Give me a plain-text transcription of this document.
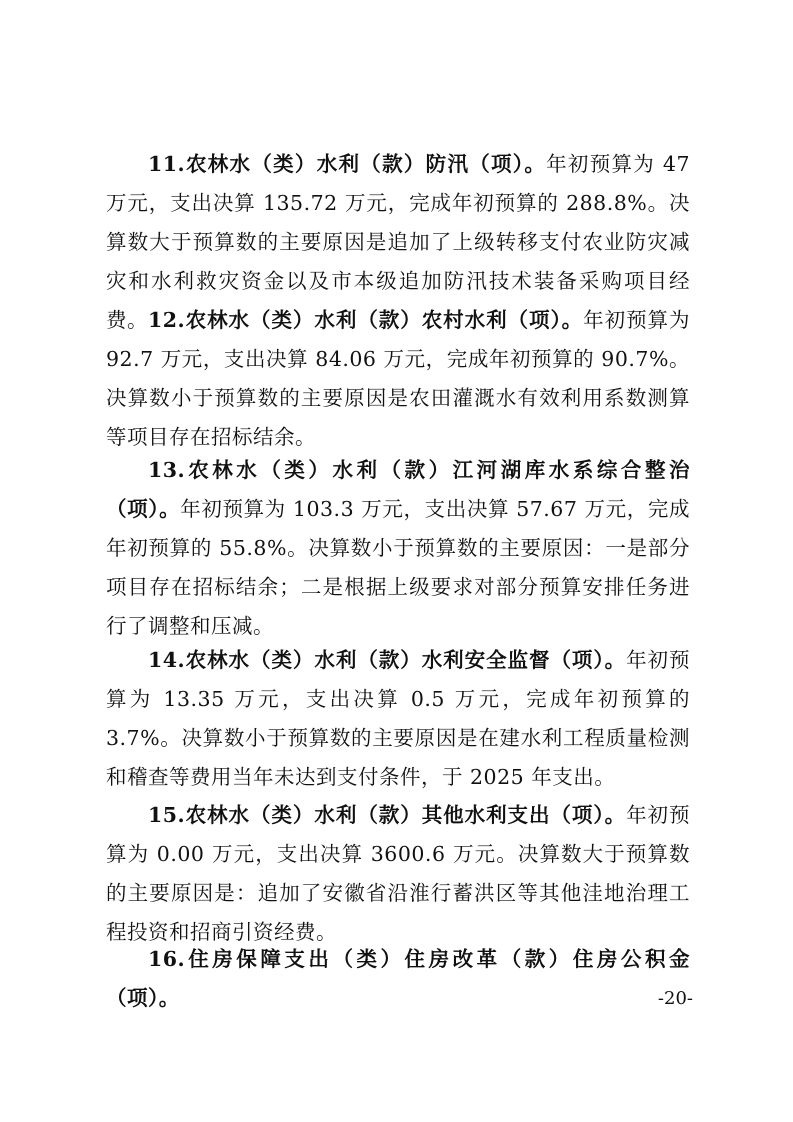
11.农林水（类）水利（款）防汛（项）。年初预算为 47 万元，支出决算 135.72 万元，完成年初预算的 288.8%。决算数大于预算数的主要原因是追加了上级转移支付农业防灾减灾和水利救灾资金以及市本级追加防汛技术装备采购项目经费。 12.农林水（类）水利（款）农村水利（项）。年初预算为 92.7 万元，支出决算 84.06 万元，完成年初预算的 90.7%。决算数小于预算数的主要原因是农田灌溉水有效利用系数测算等项目存在招标结余。

13.农林水（类）水利（款）江河湖库水系综合整治（项）。年初预算为 103.3 万元，支出决算 57.67 万元，完成年初预算的 55.8%。决算数小于预算数的主要原因：一是部分项目存在招标结余；二是根据上级要求对部分预算安排任务进行了调整和压减。

14.农林水（类）水利（款）水利安全监督（项）。年初预算为 13.35 万元，支出决算 0.5 万元，完成年初预算的 3.7%。决算数小于预算数的主要原因是在建水利工程质量检测和稽查等费用当年未达到支付条件，于 2025 年支出。

15.农林水（类）水利（款）其他水利支出（项）。年初预算为 0.00 万元，支出决算 3600.6 万元。决算数大于预算数的主要原因是：追加了安徽省沿淮行蓄洪区等其他洼地治理工程投资和招商引资经费。

16.住房保障支出（类）住房改革（款）住房公积金（项）。	-20-
